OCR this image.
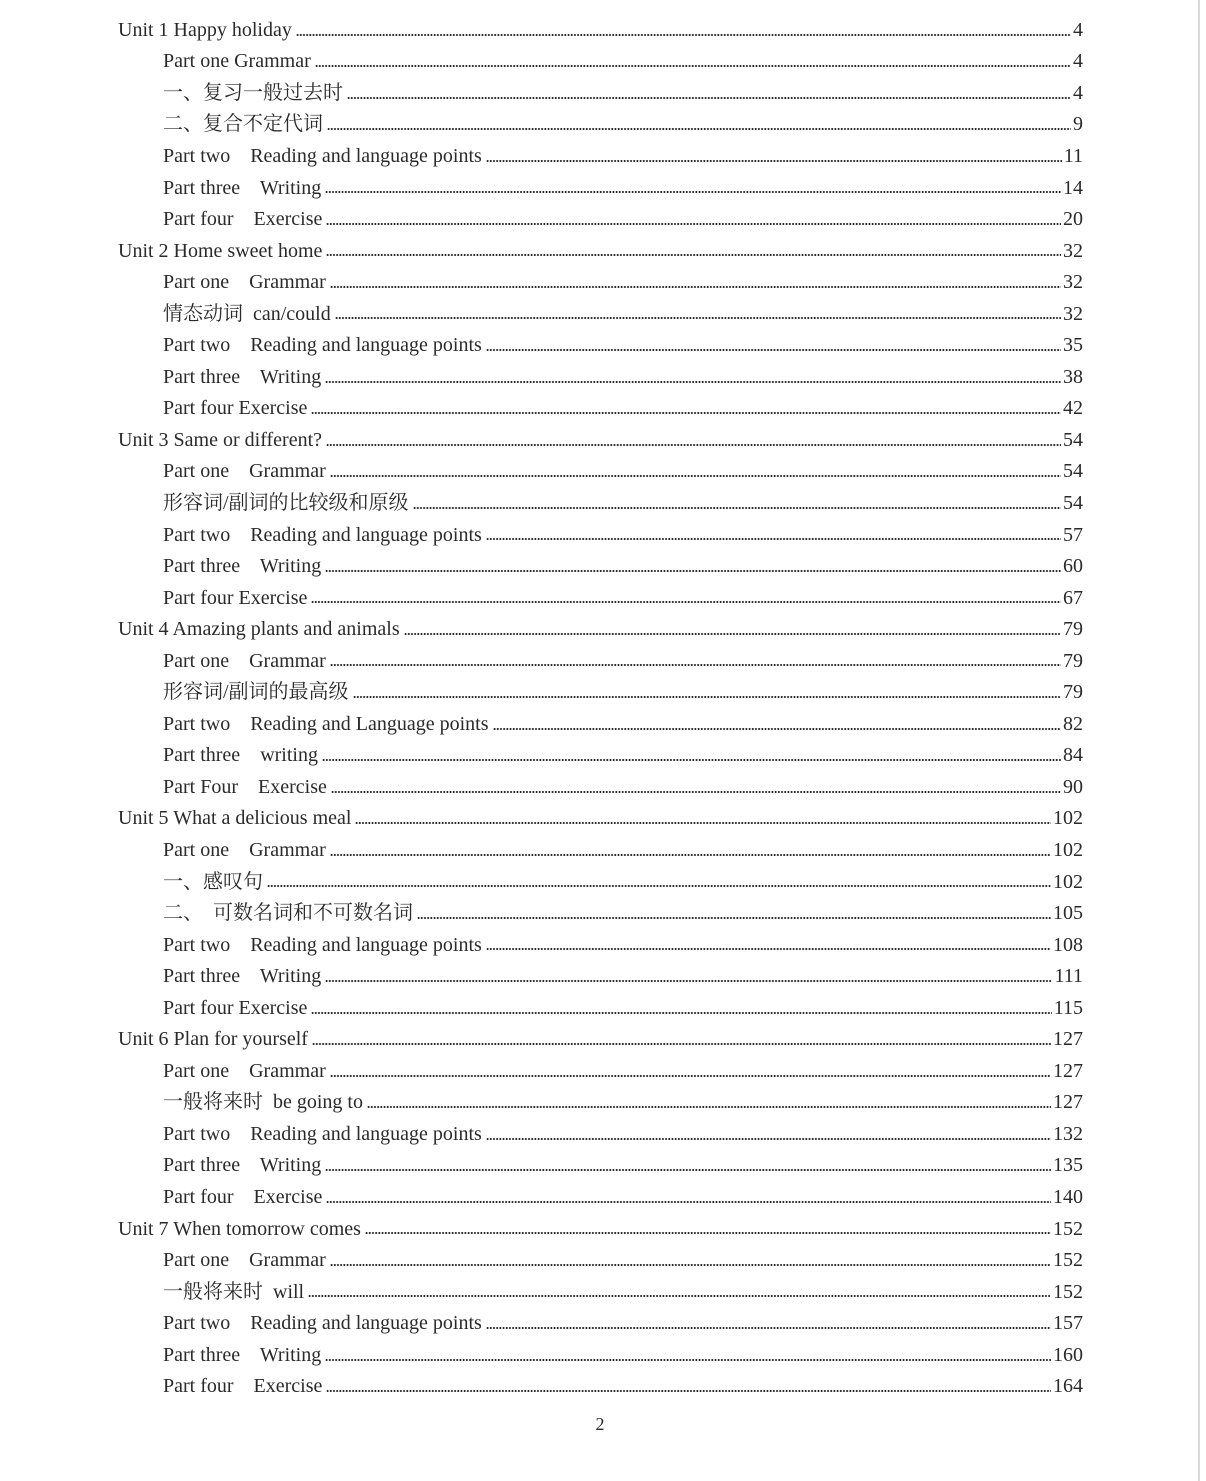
Unit 1 Happy holiday	4
Part one Grammar	4
一、复习一般过去时	4
二、复合不定代词	9
Part two    Reading and language points	11
Part three    Writing	14
Part four    Exercise	20
Unit 2 Home sweet home	32
Part one    Grammar	32
情态动词  can/could	32
Part two    Reading and language points	35
Part three    Writing	38
Part four Exercise	42
Unit 3 Same or different?	54
Part one    Grammar	54
形容词/副词的比较级和原级	54
Part two    Reading and language points	57
Part three    Writing	60
Part four Exercise	67
Unit 4 Amazing plants and animals	79
Part one    Grammar	79
形容词/副词的最高级	79
Part two    Reading and Language points	82
Part three    writing	84
Part Four    Exercise	90
Unit 5 What a delicious meal	102
Part one    Grammar	102
一、感叹句	102
二、  可数名词和不可数名词	105
Part two    Reading and language points	108
Part three    Writing	111
Part four Exercise	115
Unit 6 Plan for yourself	127
Part one    Grammar	127
一般将来时  be going to	127
Part two    Reading and language points	132
Part three    Writing	135
Part four    Exercise	140
Unit 7 When tomorrow comes	152
Part one    Grammar	152
一般将来时  will	152
Part two    Reading and language points	157
Part three    Writing	160
Part four    Exercise	164
2
